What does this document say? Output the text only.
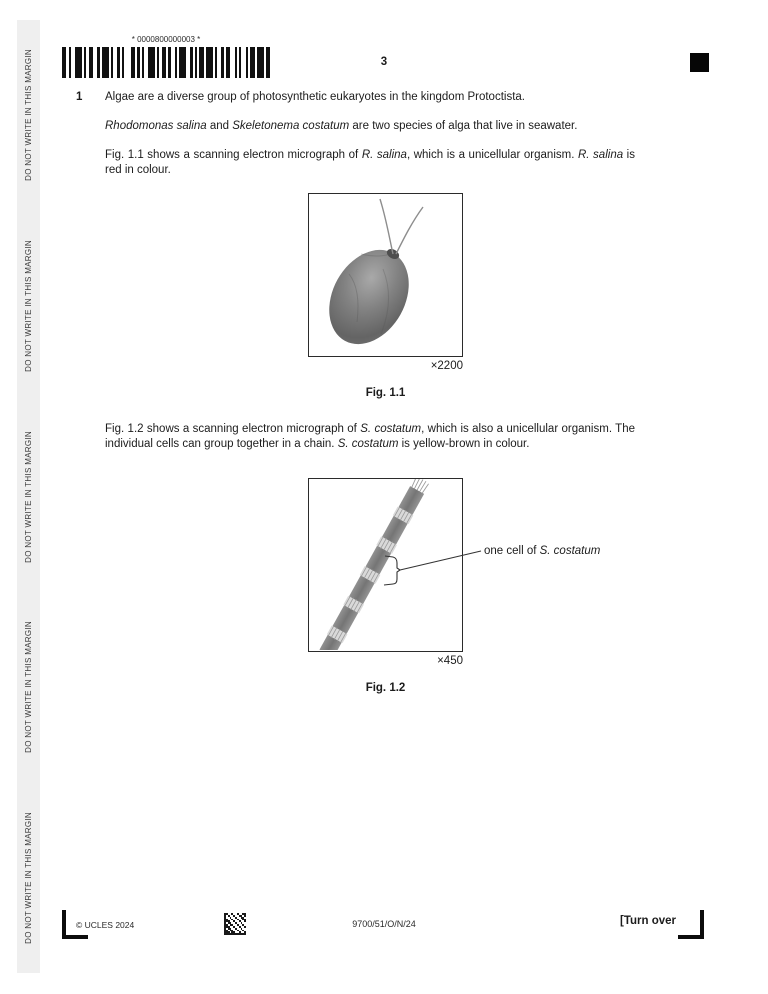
DO NOT WRITE IN THIS MARGIN
DO NOT WRITE IN THIS MARGIN
DO NOT WRITE IN THIS MARGIN
DO NOT WRITE IN THIS MARGIN
DO NOT WRITE IN THIS MARGIN
* 0000800000003 *
3
1 Algae are a diverse group of photosynthetic eukaryotes in the kingdom Protoctista.
Rhodomonas salina and Skeletonema costatum are two species of alga that live in seawater.
Fig. 1.1 shows a scanning electron micrograph of R. salina, which is a unicellular organism. R. salina is red in colour.
×2200
Fig. 1.1
Fig. 1.2 shows a scanning electron micrograph of S. costatum, which is also a unicellular organism. The individual cells can group together in a chain. S. costatum is yellow-brown in colour.
one cell of S. costatum
×450
Fig. 1.2
© UCLES 2024	9700/51/O/N/24	[Turn over
